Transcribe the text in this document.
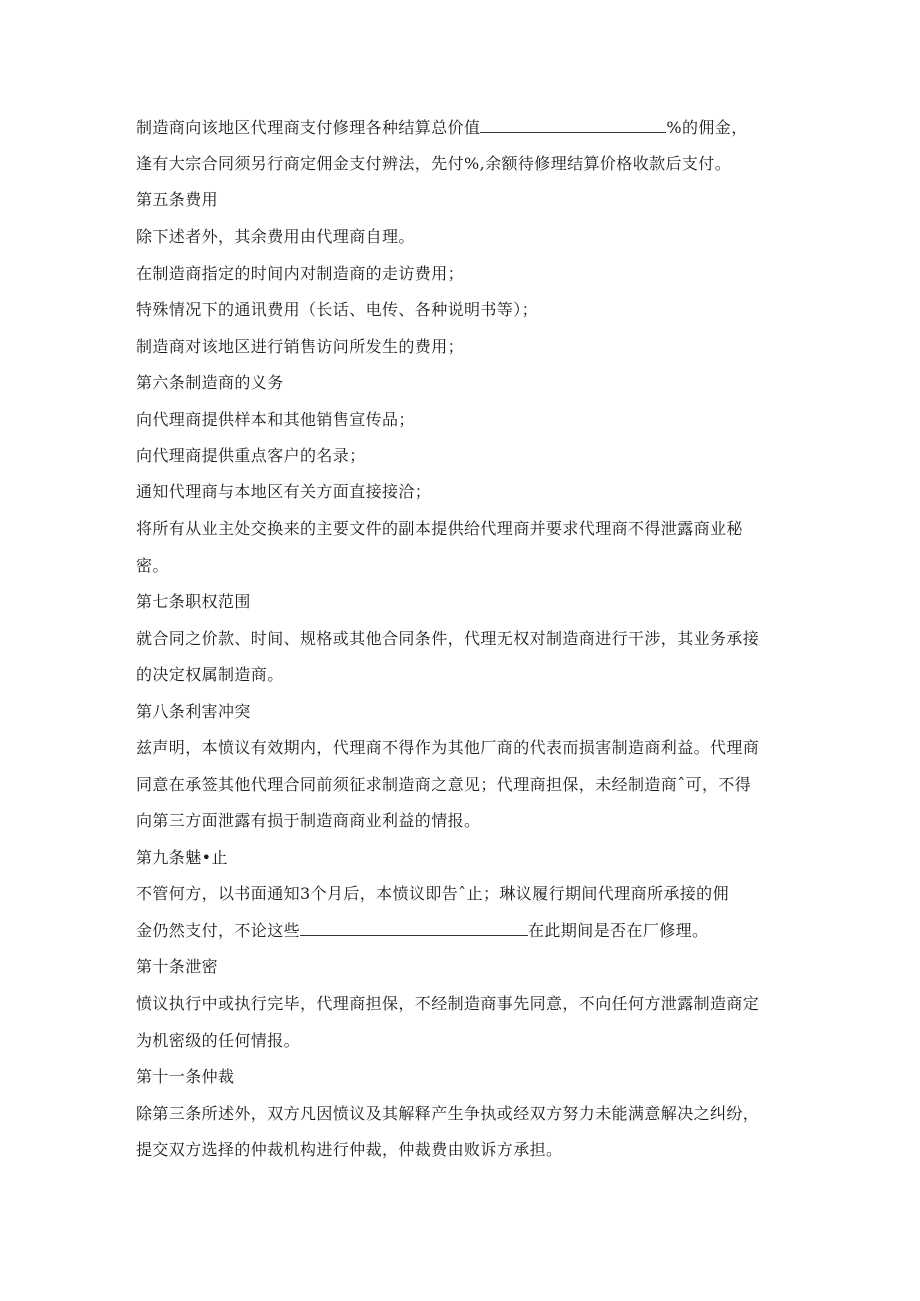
制造商向该地区代理商支付修理各种结算总价值	%的佣金，
逢有大宗合同须另行商定佣金支付辨法，先付%,余额待修理结算价格收款后支付。
第五条费用
除下述者外，其余费用由代理商自理。
在制造商指定的时间内对制造商的走访费用；
特殊情况下的通讯费用（长话、电传、各种说明书等）；
制造商对该地区进行销售访问所发生的费用；
第六条制造商的义务
向代理商提供样本和其他销售宣传品；
向代理商提供重点客户的名录；
通知代理商与本地区有关方面直接接洽；
将所有从业主处交换来的主要文件的副本提供给代理商并要求代理商不得泄露商业秘
密。
第七条职权范围
就合同之价款、时间、规格或其他合同条件，代理无权对制造商进行干涉，其业务承接
的决定权属制造商。
第八条利害冲突
兹声明，本愤议有效期内，代理商不得作为其他厂商的代表而损害制造商利益。代理商
同意在承签其他代理合同前须征求制造商之意见；代理商担保，未经制造商ˆ可，不得
向第三方面泄露有损于制造商商业利益的情报。
第九条魅•止
不管何方，以书面通知3个月后，本愤议即告ˆ止；琳议履行期间代理商所承接的佣
金仍然支付，不论这些	在此期间是否在厂修理。
第十条泄密
愤议执行中或执行完毕，代理商担保，不经制造商事先同意，不向任何方泄露制造商定
为机密级的任何情报。
第十一条仲裁
除第三条所述外，双方凡因愤议及其解释产生争执或经双方努力未能满意解决之纠纷，
提交双方选择的仲裁机构进行仲裁，仲裁费由败诉方承担。
